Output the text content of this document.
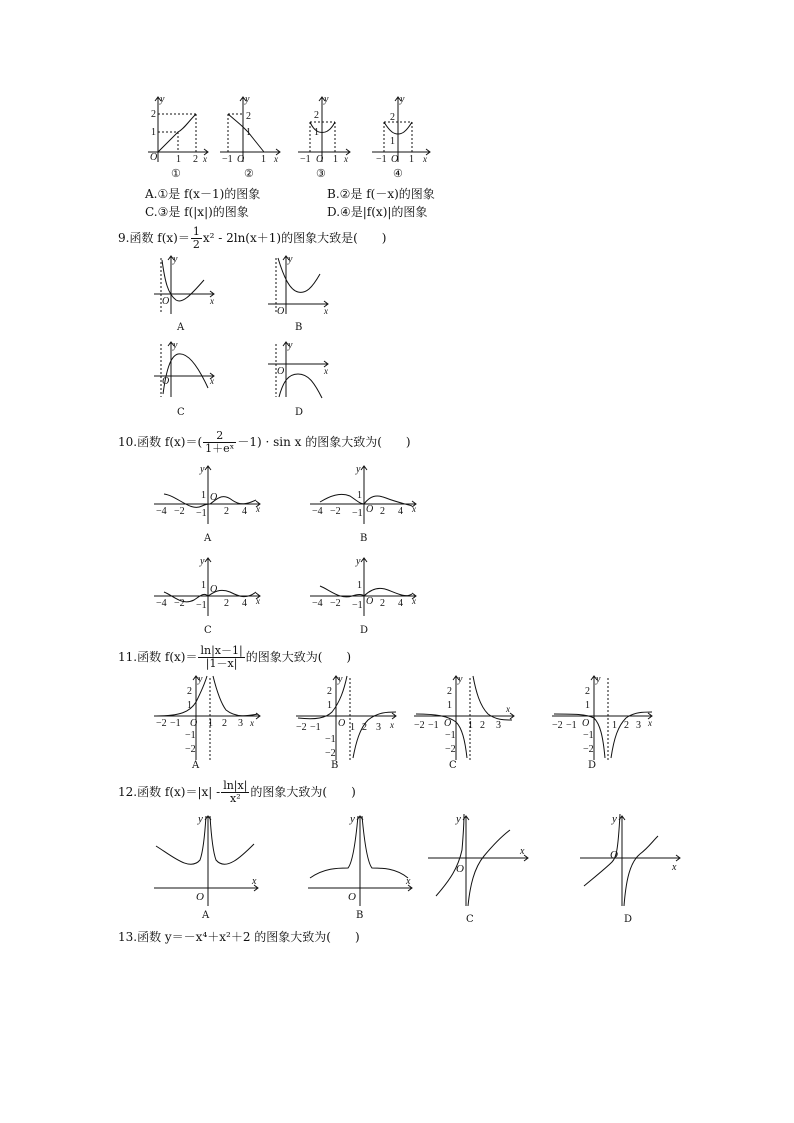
y
2
1
O 1 2 x
y
2
1
−1 O 1 x
y
2
1
−1 O 1 x
y
2
1
−1 O 1 x
①	②	③	④
A.①是 f(x－1)的图象	B.②是 f(－x)的图象
C.③是 f(|x|)的图象	D.④是|f(x)|的图象
9.函数 $f(x)= \frac{1}{2} x^2 - 2\ln(x+1)$的图象大致是(　　)
y
O	x
y
O	x
y
O	x
y
O	x
A	B
C	D
10.函数 $f(x)=( \frac{2}{\text{1＋eˣ}} -1) \cdot \sin x$ 的图象大致为(　　)
y
1 O
−4 −2 −1 2 4 x
y
1
O
−4 −2 −1 2 4 x
y
1 O
−4 −2 −1 2 4 x
y
1
O
−4 −2 −1 2 4 x
A	B
C	D
11.函数 $f(x)= \frac{\ln|x-1|}{|1-x|}$ 的图象大致为(　　)
y
2
1
−2 −1 O 1 2 3 x
−1
−2
y
2
1
−2 −1 O 1 2 3 x
−1
−2
y
2
1
−2 −1 O 1 2 3
x
−1
−2
y
2
1
−2 −1 O 1 2 3 x
−1
−2
A	B	C	D
12.函数 $f(x)=|x| - \frac{\ln|x|}{\text{x²}}$ 的图象大致为(　　)
y
O
x
y
O
x
y
O
x
y
O
x
A	B	C	D
13.函数 y＝－x⁴＋x²＋2 的图象大致为(　　)
